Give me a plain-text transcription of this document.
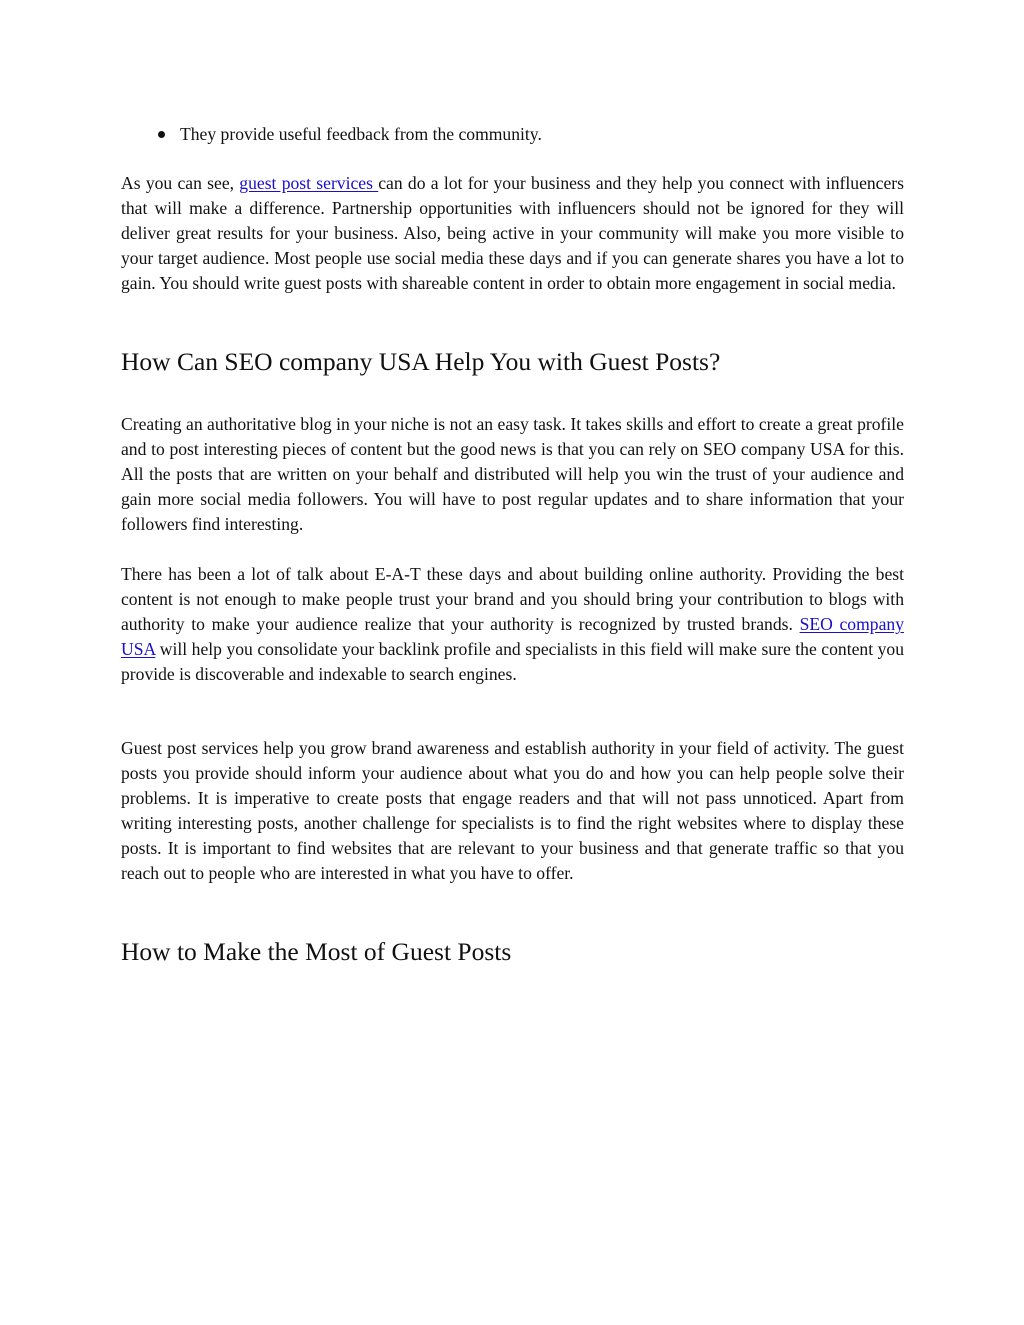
They provide useful feedback from the community.

As you can see, guest post services can do a lot for your business and they help you connect with influencers that will make a difference. Partnership opportunities with influencers should not be ignored for they will deliver great results for your business. Also, being active in your community will make you more visible to your target audience. Most people use social media these days and if you can generate shares you have a lot to gain. You should write guest posts with shareable content in order to obtain more engagement in social media.

How Can SEO company USA Help You with Guest Posts?

Creating an authoritative blog in your niche is not an easy task. It takes skills and effort to create a great profile and to post interesting pieces of content but the good news is that you can rely on SEO company USA for this. All the posts that are written on your behalf and distributed will help you win the trust of your audience and gain more social media followers. You will have to post regular updates and to share information that your followers find interesting.

There has been a lot of talk about E-A-T these days and about building online authority. Providing the best content is not enough to make people trust your brand and you should bring your contribution to blogs with authority to make your audience realize that your authority is recognized by trusted brands. SEO company USA will help you consolidate your backlink profile and specialists in this field will make sure the content you provide is discoverable and indexable to search engines.

Guest post services help you grow brand awareness and establish authority in your field of activity. The guest posts you provide should inform your audience about what you do and how you can help people solve their problems. It is imperative to create posts that engage readers and that will not pass unnoticed. Apart from writing interesting posts, another challenge for specialists is to find the right websites where to display these posts. It is important to find websites that are relevant to your business and that generate traffic so that you reach out to people who are interested in what you have to offer.

How to Make the Most of Guest Posts
